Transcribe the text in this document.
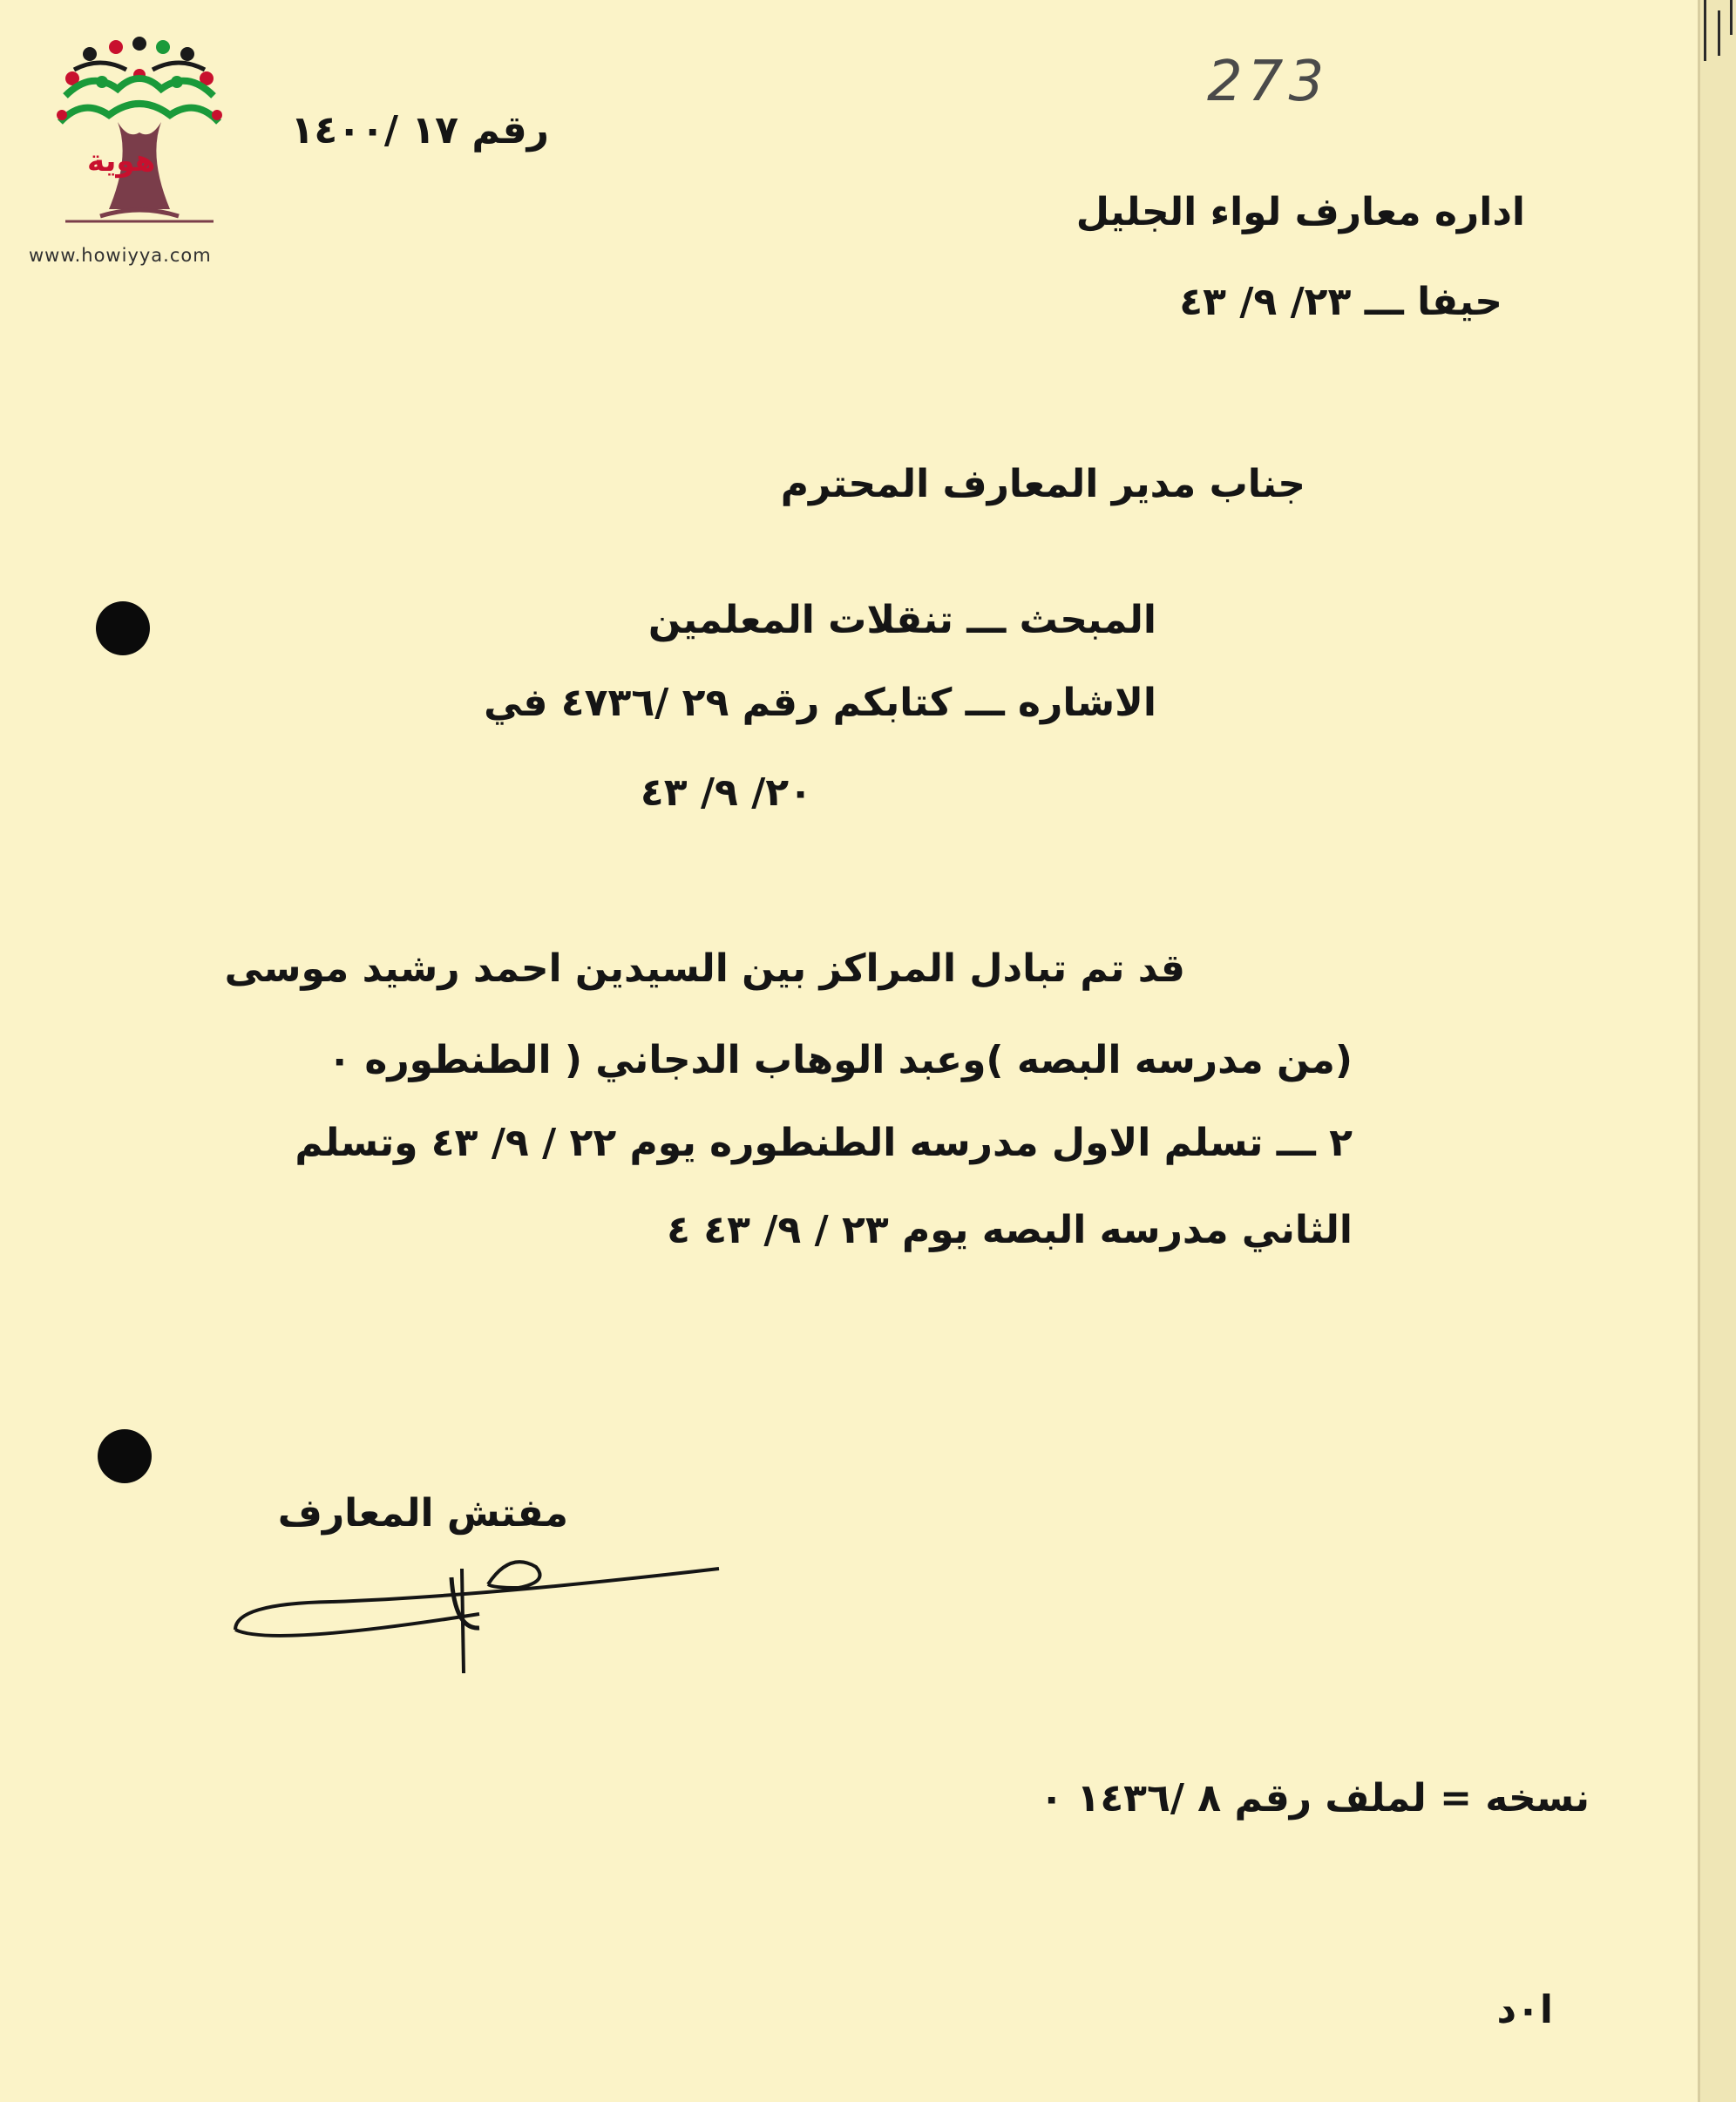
هوية
www.howiyya.com
273
رقم ١٧ /١٤٠٠
اداره معارف لواء الجليل
حيفا ـــ ٢٣/ ٩/ ٤٣
جناب مدير المعارف المحترم
المبحث ـــ تنقلات المعلمين
الاشاره ـــ كتابكم رقم ٢٩ /٤٧٣٦ في
٢٠/ ٩/ ٤٣
قد تم تبادل المراكز بين السيدين احمد رشيد موسى
(من مدرسه البصه )وعبد الوهاب الدجاني ( الطنطوره ٠
٢ ـــ تسلم الاول مدرسه الطنطوره يوم ٢٢ / ٩/ ٤٣ وتسلم
الثاني مدرسه البصه يوم ٢٣ / ٩/ ٤٣ ٤
مفتش المعارف
نسخه = لملف رقم ٨ /١٤٣٦ ٠
ا٠د
